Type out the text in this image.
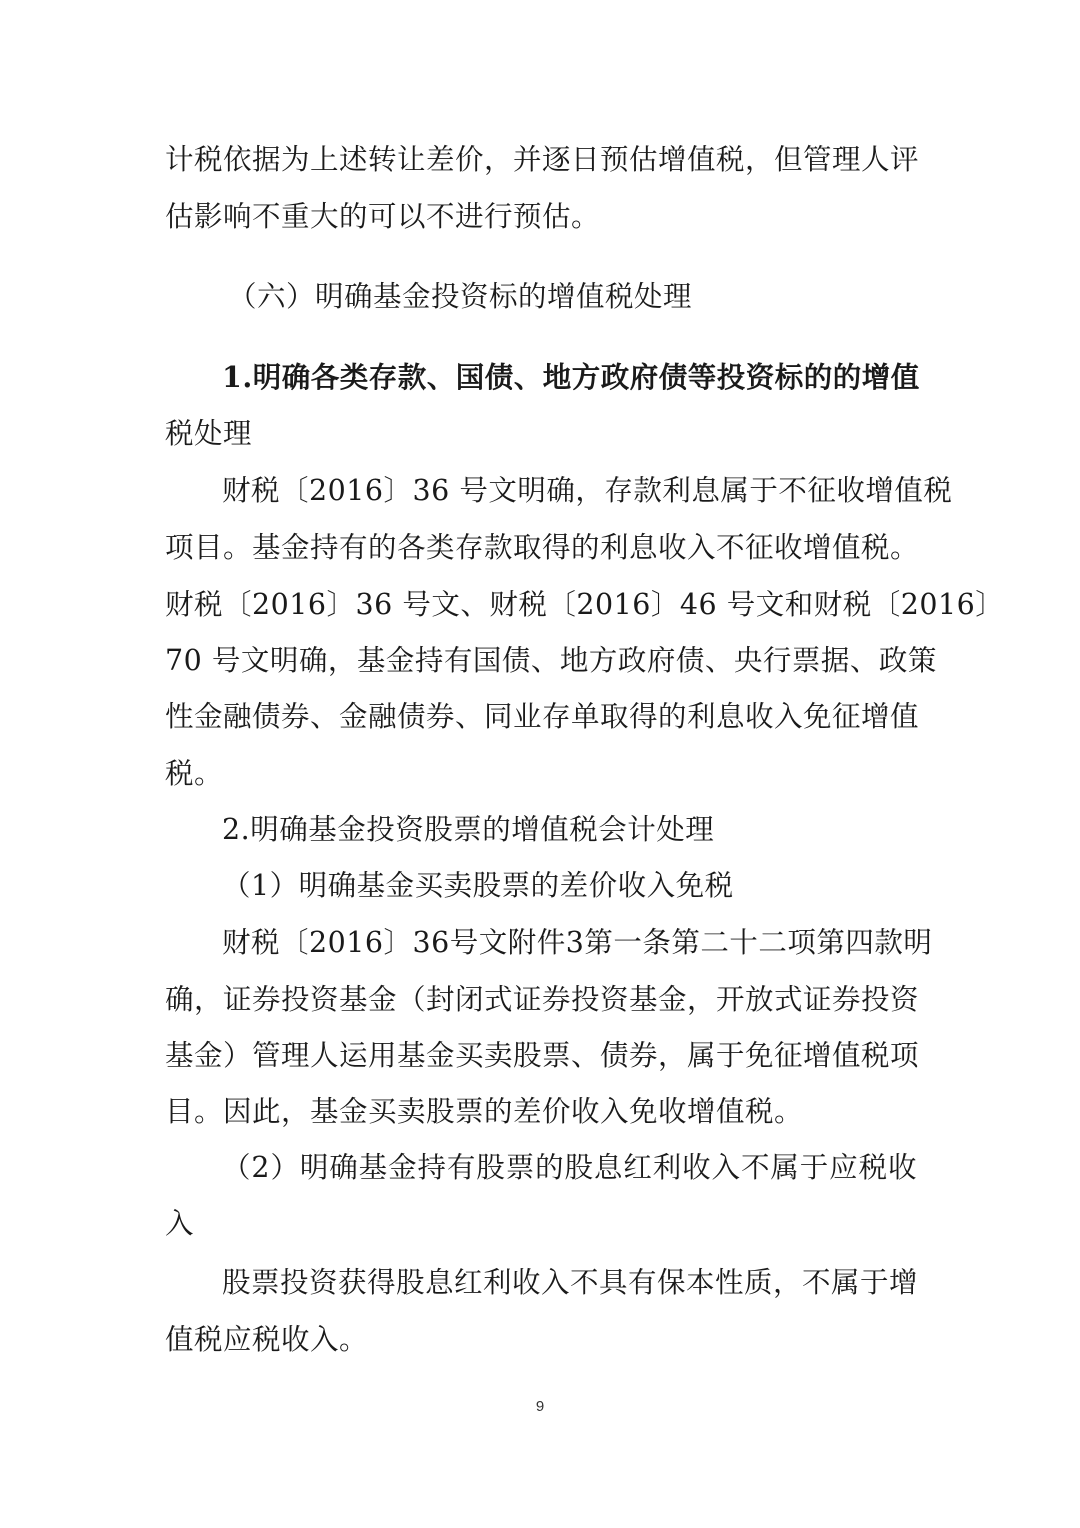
计税依据为上述转让差价，并逐日预估增值税，但管理人评
估影响不重大的可以不进行预估。
（六）明确基金投资标的增值税处理
1.明确各类存款、国债、地方政府债等投资标的的增值
税处理
财税〔2016〕36 号文明确，存款利息属于不征收增值税
项目。基金持有的各类存款取得的利息收入不征收增值税。
财税〔2016〕36 号文、财税〔2016〕46 号文和财税〔2016〕
70 号文明确，基金持有国债、地方政府债、央行票据、政策
性金融债券、金融债券、同业存单取得的利息收入免征增值
税。
2.明确基金投资股票的增值税会计处理
（1）明确基金买卖股票的差价收入免税
财税〔2016〕36号文附件3第一条第二十二项第四款明
确，证券投资基金（封闭式证券投资基金，开放式证券投资
基金）管理人运用基金买卖股票、债券，属于免征增值税项
目。因此，基金买卖股票的差价收入免收增值税。
（2）明确基金持有股票的股息红利收入不属于应税收
入
股票投资获得股息红利收入不具有保本性质，不属于增
值税应税收入。
9
